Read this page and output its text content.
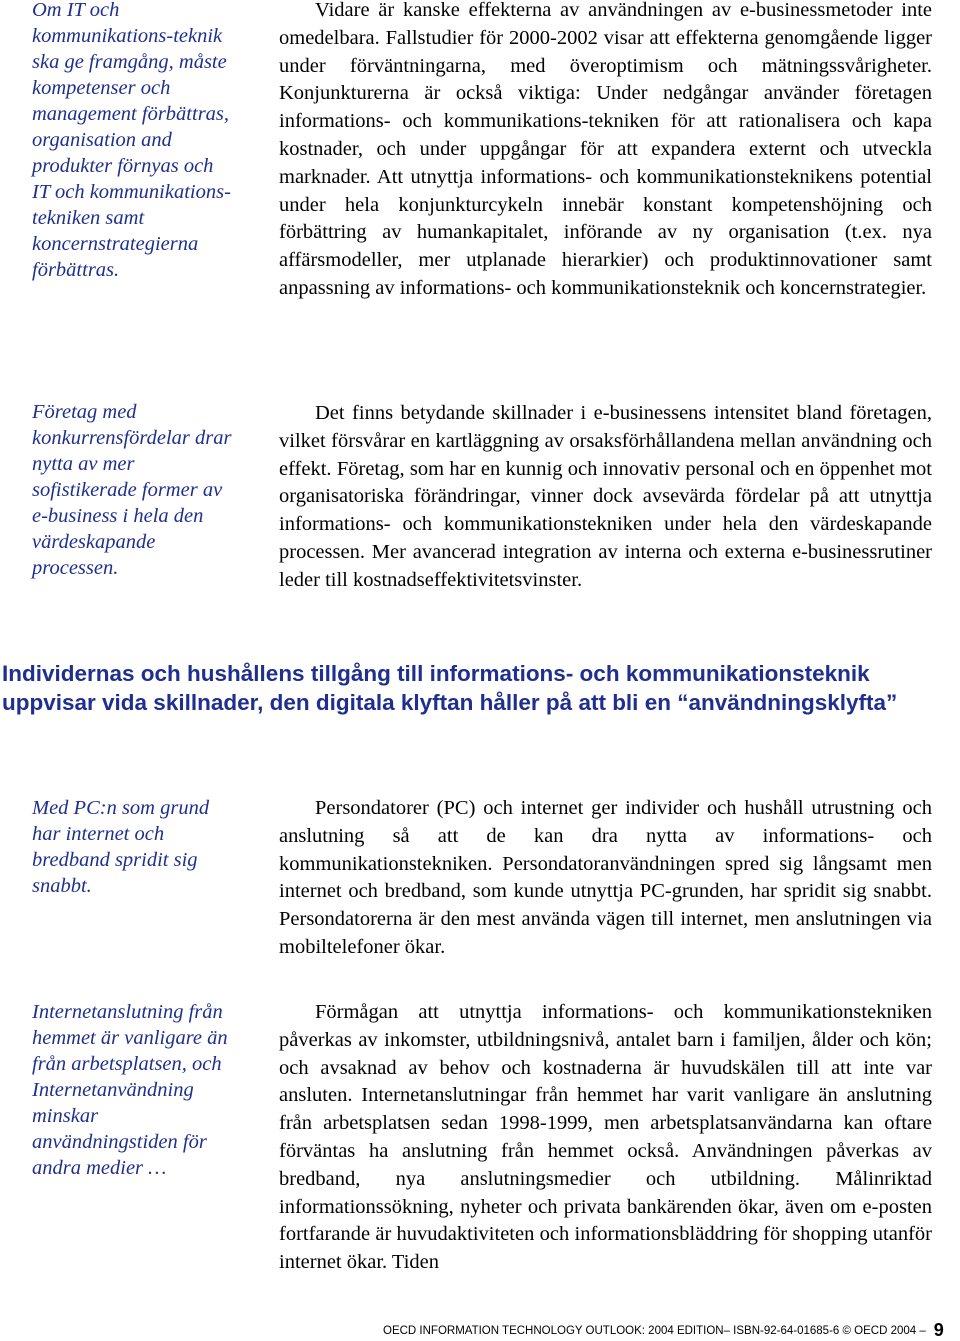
Om IT och kommunikations-teknik ska ge framgång, måste kompetenser och management förbättras, organisation and produkter förnyas och IT och kommunikations-tekniken samt koncernstrategierna förbättras.
Vidare är kanske effekterna av användningen av e-businessmetoder inte omedelbara. Fallstudier för 2000-2002 visar att effekterna genomgående ligger under förväntningarna, med överoptimism och mätningssvårigheter. Konjunkturerna är också viktiga: Under nedgångar använder företagen informations- och kommunikations-tekniken för att rationalisera och kapa kostnader, och under uppgångar för att expandera externt och utveckla marknader. Att utnyttja informations- och kommunikationsteknikens potential under hela konjunkturcykeln innebär konstant kompetenshöjning och förbättring av humankapitalet, införande av ny organisation (t.ex. nya affärsmodeller, mer utplanade hierarkier) och produktinnovationer samt anpassning av informations- och kommunikationsteknik och koncernstrategier.
Företag med konkurrensfördelar drar nytta av mer sofistikerade former av e-business i hela den värdeskapande processen.
Det finns betydande skillnader i e-businessens intensitet bland företagen, vilket försvårar en kartläggning av orsaksförhållandena mellan användning och effekt. Företag, som har en kunnig och innovativ personal och en öppenhet mot organisatoriska förändringar, vinner dock avsevärda fördelar på att utnyttja informations- och kommunikationstekniken under hela den värdeskapande processen. Mer avancerad integration av interna och externa e-businessrutiner leder till kostnadseffektivitetsvinster.
Individernas och hushållens tillgång till informations- och kommunikationsteknik uppvisar vida skillnader, den digitala klyftan håller på att bli en “användningsklyfta”
Med PC:n som grund har internet och bredband spridit sig snabbt.
Persondatorer (PC) och internet ger individer och hushåll utrustning och anslutning så att de kan dra nytta av informations- och kommunikationstekniken. Persondatoranvändningen spred sig långsamt men internet och bredband, som kunde utnyttja PC-grunden, har spridit sig snabbt. Persondatorerna är den mest använda vägen till internet, men anslutningen via mobiltelefoner ökar.
Internetanslutning från hemmet är vanligare än från arbetsplatsen, och Internetanvändning minskar användningstiden för andra medier …
Förmågan att utnyttja informations- och kommunikationstekniken påverkas av inkomster, utbildningsnivå, antalet barn i familjen, ålder och kön; och avsaknad av behov och kostnaderna är huvudskälen till att inte var ansluten. Internetanslutningar från hemmet har varit vanligare än anslutning från arbetsplatsen sedan 1998-1999, men arbetsplatsanvändarna kan oftare förväntas ha anslutning från hemmet också. Användningen påverkas av bredband, nya anslutningsmedier och utbildning. Målinriktad informationssökning, nyheter och privata bankärenden ökar, även om e-posten fortfarande är huvudaktiviteten och informationsbläddring för shopping utanför internet ökar. Tiden
OECD INFORMATION TECHNOLOGY OUTLOOK: 2004 EDITION– ISBN-92-64-01685-6 © OECD 2004 – 9
